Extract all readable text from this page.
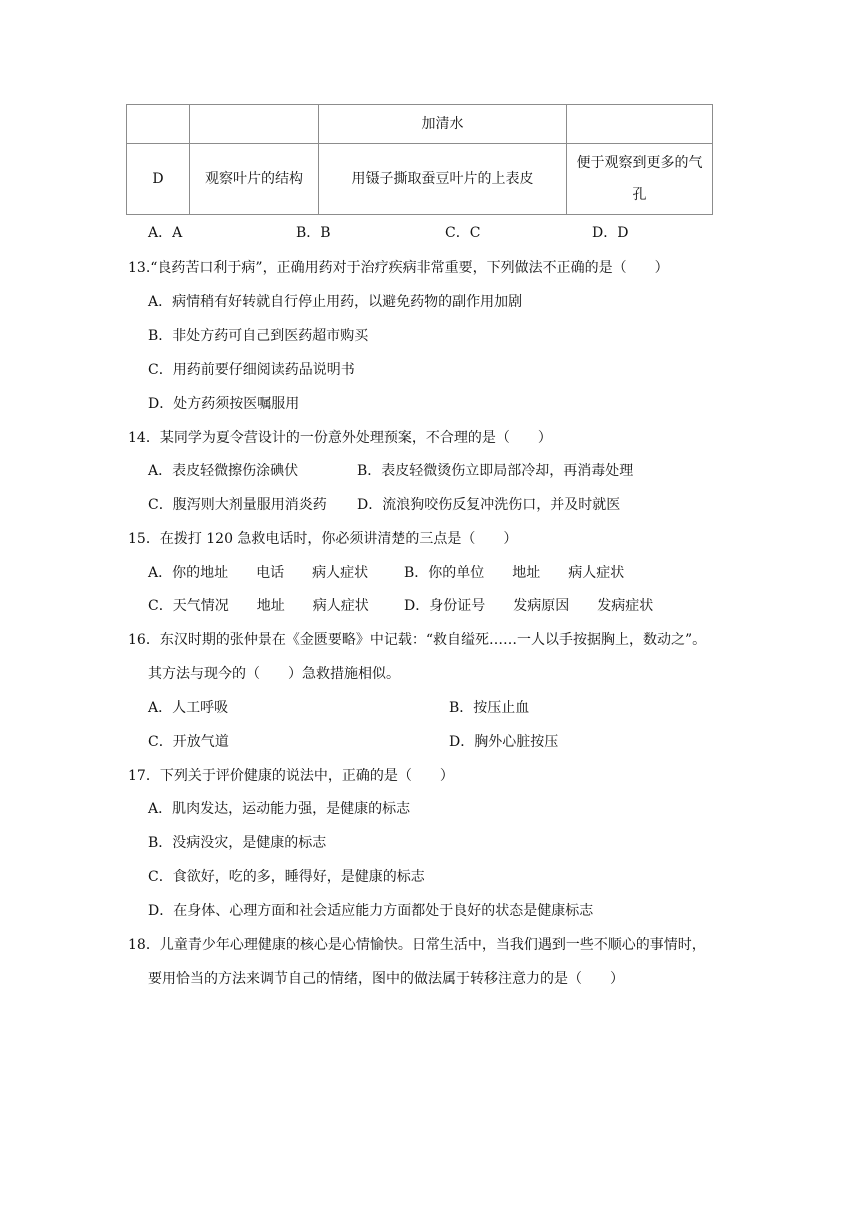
		加清水	
D	观察叶片的结构	用镊子撕取蚕豆叶片的上表皮	便于观察到更多的气
孔
A．A	B．B	C．C	D．D
13.“良药苦口利于病”，正确用药对于治疗疾病非常重要，下列做法不正确的是（　　）
A．病情稍有好转就自行停止用药，以避免药物的副作用加剧
B．非处方药可自己到医药超市购买
C．用药前要仔细阅读药品说明书
D．处方药须按医嘱服用
14．某同学为夏令营设计的一份意外处理预案，不合理的是（　　）
A．表皮轻微擦伤涂碘伏	B．表皮轻微烫伤立即局部冷却，再消毒处理
C．腹泻则大剂量服用消炎药 D．流浪狗咬伤反复冲洗伤口，并及时就医
15．在拨打 120 急救电话时，你必须讲清楚的三点是（　　）
A．你的地址　　电话　　病人症状	B．你的单位　　地址　　病人症状
C．天气情况　　地址　　病人症状	D．身份证号　　发病原因　　发病症状
16．东汉时期的张仲景在《金匮要略》中记载：“救自缢死……一人以手按据胸上，数动之”。
其方法与现今的（　　）急救措施相似。
A．人工呼吸	B．按压止血
C．开放气道	D．胸外心脏按压
17．下列关于评价健康的说法中，正确的是（　　）
A．肌肉发达，运动能力强，是健康的标志
B．没病没灾，是健康的标志
C．食欲好，吃的多，睡得好，是健康的标志
D．在身体、心理方面和社会适应能力方面都处于良好的状态是健康标志
18．儿童青少年心理健康的核心是心情愉快。日常生活中，当我们遇到一些不顺心的事情时，
要用恰当的方法来调节自己的情绪，图中的做法属于转移注意力的是（　　）
